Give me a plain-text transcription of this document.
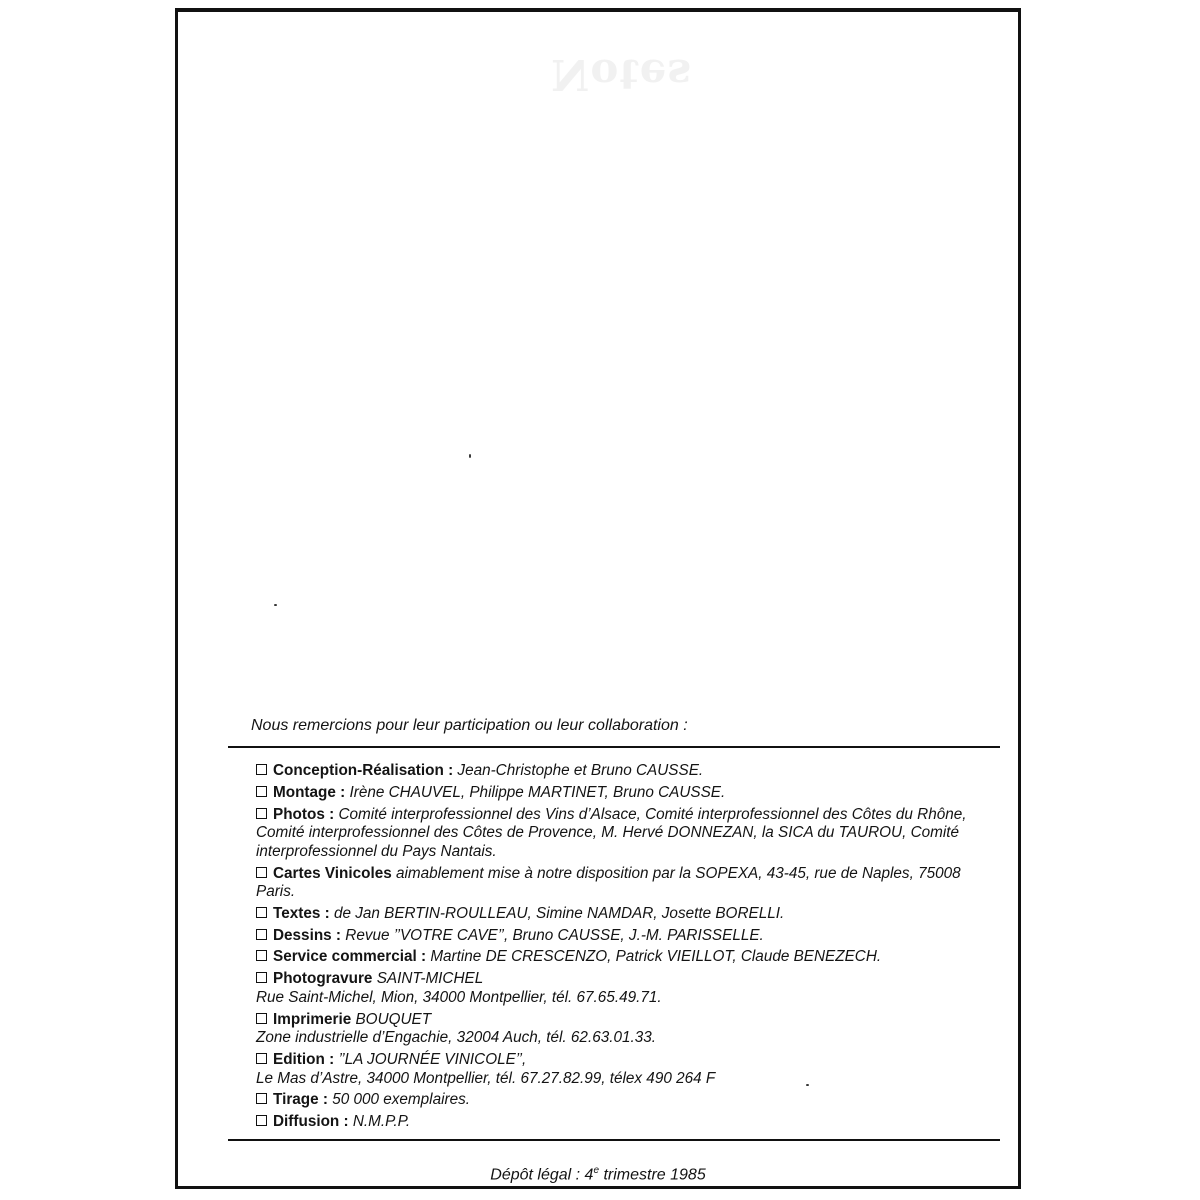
Notes
Nous remercions pour leur participation ou leur collaboration :
Conception-Réalisation : Jean-Christophe et Bruno CAUSSE.
Montage : Irène CHAUVEL, Philippe MARTINET, Bruno CAUSSE.
Photos : Comité interprofessionnel des Vins d’Alsace, Comité interprofessionnel des Côtes du Rhône, Comité interprofessionnel des Côtes de Provence, M. Hervé DONNEZAN, la SICA du TAUROU, Comité interprofessionnel du Pays Nantais.
Cartes Vinicoles aimablement mise à notre disposition par la SOPEXA, 43-45, rue de Naples, 75008 Paris.
Textes : de Jan BERTIN-ROULLEAU, Simine NAMDAR, Josette BORELLI.
Dessins : Revue ’’VOTRE CAVE’’, Bruno CAUSSE, J.-M. PARISSELLE.
Service commercial : Martine DE CRESCENZO, Patrick VIEILLOT, Claude BENEZECH.
Photogravure SAINT-MICHEL
Rue Saint-Michel, Mion, 34000 Montpellier, tél. 67.65.49.71.
Imprimerie BOUQUET
Zone industrielle d’Engachie, 32004 Auch, tél. 62.63.01.33.
Edition : ’’LA JOURNÉE VINICOLE’’,
Le Mas d’Astre, 34000 Montpellier, tél. 67.27.82.99, télex 490 264 F
Tirage : 50 000 exemplaires.
Diffusion : N.M.P.P.
Dépôt légal : 4e trimestre 1985
